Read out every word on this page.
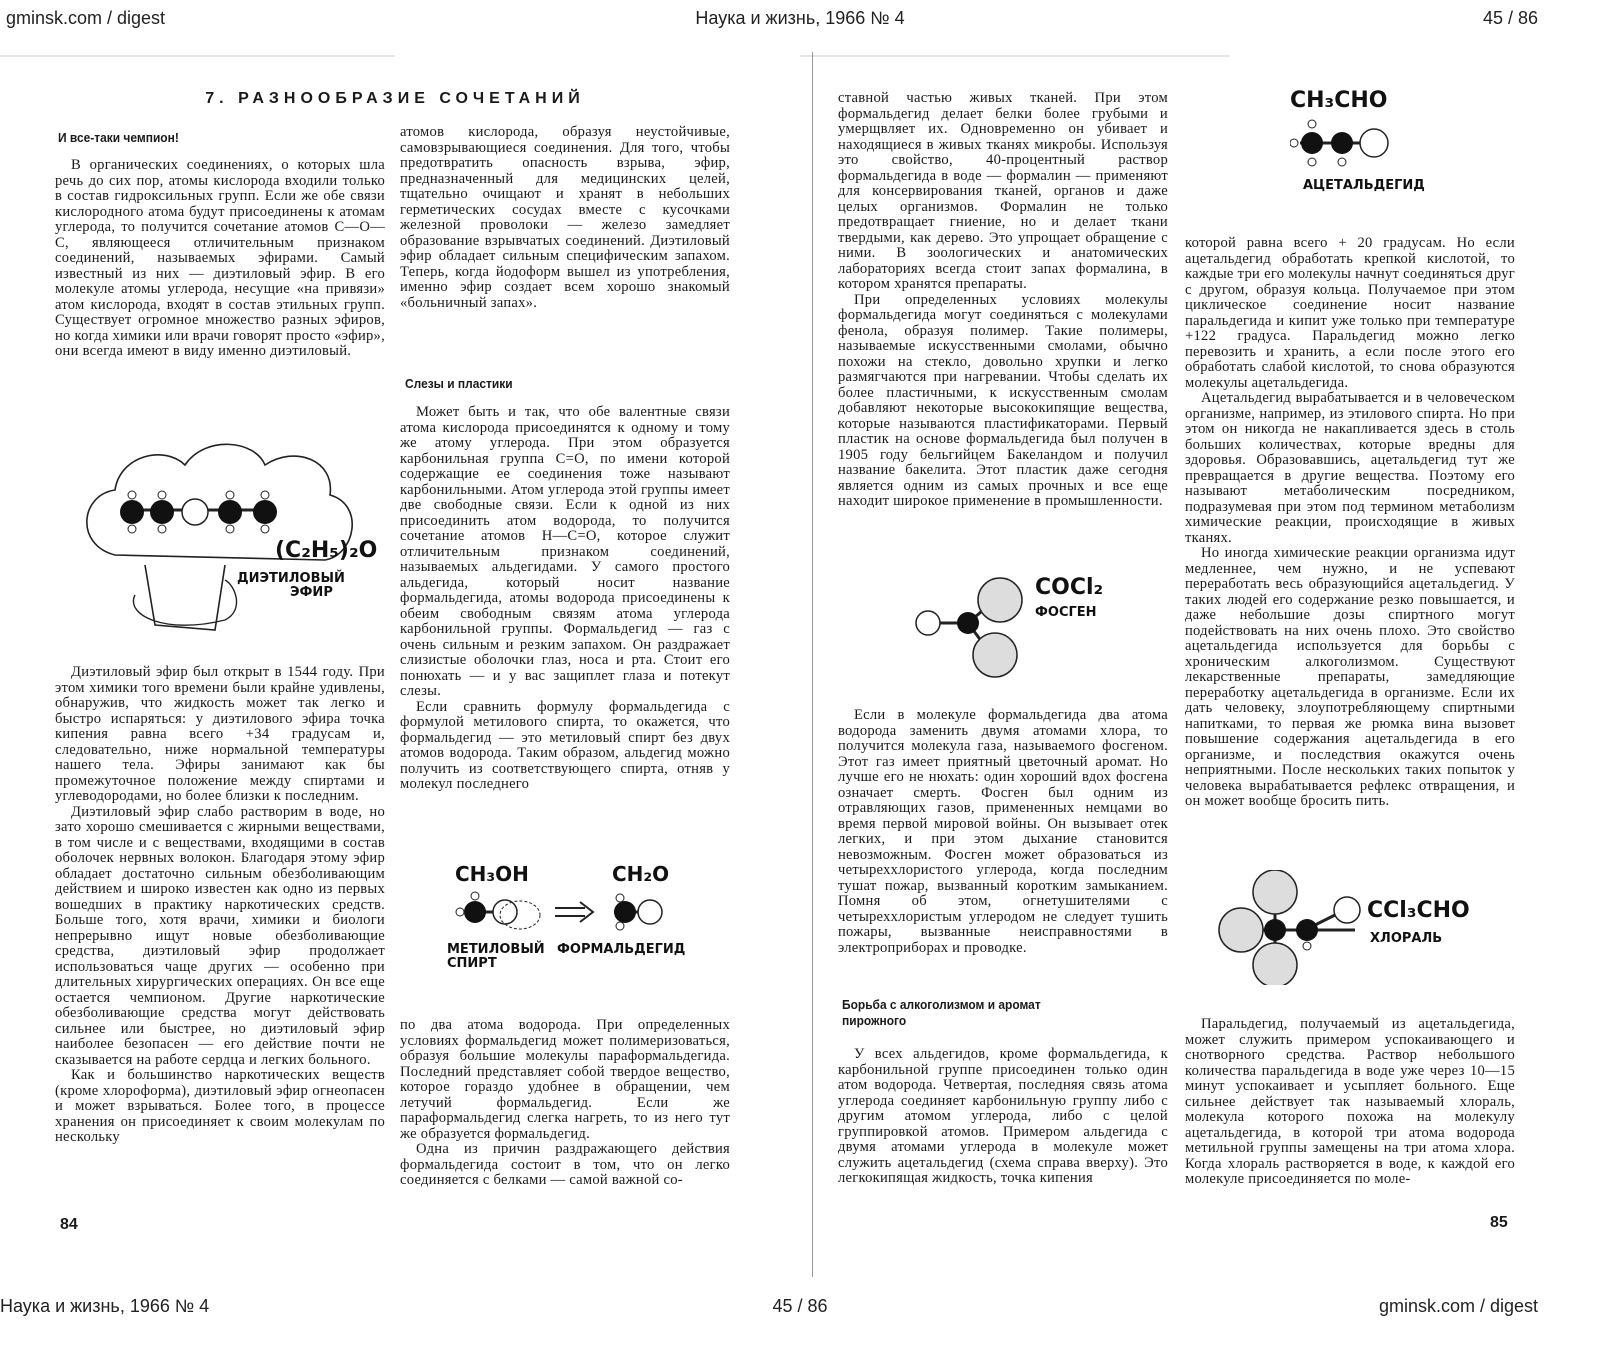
gminsk.com / digest	Наука и жизнь, 1966 № 4	45 / 86
7. РАЗНООБРАЗИЕ СОЧЕТАНИЙ
И все-таки чемпион!

В органических соединениях, о которых шла речь до сих пор, атомы кислорода входили только в состав гидроксильных групп. Если же обе связи кислородного атома будут присоединены к атомам углерода, то получится сочетание атомов С—О—С, являющееся отличительным признаком соединений, называемых эфирами. Самый известный из них — диэтиловый эфир. В его молекуле атомы углерода, несущие «на привязи» атом кислорода, входят в состав этильных групп. Существует огромное множество разных эфиров, но когда химики или врачи говорят просто «эфир», они всегда имеют в виду именно диэтиловый.

Диэтиловый эфир был открыт в 1544 году. При этом химики того времени были крайне удивлены, обнаружив, что жидкость может так легко и быстро испаряться: у диэтилового эфира точка кипения равна всего +34 градусам и, следовательно, ниже нормальной температуры нашего тела. Эфиры занимают как бы промежуточное положение между спиртами и углеводородами, но более близки к последним.

Диэтиловый эфир слабо растворим в воде, но зато хорошо смешивается с жирными веществами, в том числе и с веществами, входящими в состав оболочек нервных волокон. Благодаря этому эфир обладает достаточно сильным обезболивающим действием и широко известен как одно из первых вошедших в практику наркотических средств. Больше того, хотя врачи, химики и биологи непрерывно ищут новые обезболивающие средства, диэтиловый эфир продолжает использоваться чаще других — особенно при длительных хирургических операциях. Он все еще остается чемпионом. Другие наркотические обезболивающие средства могут действовать сильнее или быстрее, но диэтиловый эфир наиболее безопасен — его действие почти не сказывается на работе сердца и легких больного.

Как и большинство наркотических веществ (кроме хлороформа), диэтиловый эфир огнеопасен и может взрываться. Более того, в процессе хранения он присоединяет к своим молекулам по нескольку

84
(C₂H₅)₂O
ДИЭТИЛОВЫЙ
ЭФИР

атомов кислорода, образуя неустойчивые, самовзрывающиеся соединения. Для того, чтобы предотвратить опасность взрыва, эфир, предназначенный для медицинских целей, тщательно очищают и хранят в небольших герметических сосудах вместе с кусочками железной проволоки — железо замедляет образование взрывчатых соединений. Диэтиловый эфир обладает сильным специфическим запахом. Теперь, когда йодоформ вышел из употребления, именно эфир создает всем хорошо знакомый «больничный запах».

Слезы и пластики

Может быть и так, что обе валентные связи атома кислорода присоединятся к одному и тому же атому углерода. При этом образуется карбонильная группа С=О, по имени которой содержащие ее соединения тоже называют карбонильными. Атом углерода этой группы имеет две свободные связи. Если к одной из них присоединить атом водорода, то получится сочетание атомов Н—С=О, которое служит отличительным признаком соединений, называемых альдегидами. У самого простого альдегида, который носит название формальдегида, атомы водорода присоединены к обеим свободным связям атома углерода карбонильной группы. Формальдегид — газ с очень сильным и резким запахом. Он раздражает слизистые оболочки глаз, носа и рта. Стоит его понюхать — и у вас защиплет глаза и потекут слезы.

Если сравнить формулу формальдегида с формулой метилового спирта, то окажется, что формальдегид — это метиловый спирт без двух атомов водорода. Таким образом, альдегид можно получить из соответствующего спирта, отняв у молекул последнего

по два атома водорода. При определенных условиях формальдегид может полимеризоваться, образуя большие молекулы параформальдегида. Последний представляет собой твердое вещество, которое гораздо удобнее в обращении, чем летучий формальдегид. Если же параформальдегид слегка нагреть, то из него тут же образуется формальдегид.

Одна из причин раздражающего действия формальдегида состоит в том, что он легко соединяется с белками — самой важной со-

CH₃OH	CH₂O
МЕТИЛОВЫЙ
СПИРТ
ФОРМАЛЬДЕГИД

ставной частью живых тканей. При этом формальдегид делает белки более грубыми и умерщвляет их. Одновременно он убивает и находящиеся в живых тканях микробы. Используя это свойство, 40-процентный раствор формальдегида в воде — формалин — применяют для консервирования тканей, органов и даже целых организмов. Формалин не только предотвращает гниение, но и делает ткани твердыми, как дерево. Это упрощает обращение с ними. В зоологических и анатомических лабораториях всегда стоит запах формалина, в котором хранятся препараты.

При определенных условиях молекулы формальдегида могут соединяться с молекулами фенола, образуя полимер. Такие полимеры, называемые искусственными смолами, обычно похожи на стекло, довольно хрупки и легко размягчаются при нагревании. Чтобы сделать их более пластичными, к искусственным смолам добавляют некоторые высококипящие вещества, которые называются пластификаторами. Первый пластик на основе формальдегида был получен в 1905 году бельгийцем Бакеландом и получил название бакелита. Этот пластик даже сегодня является одним из самых прочных и все еще находит широкое применение в промышленности.

COCl₂
ФОСГЕН

Если в молекуле формальдегида два атома водорода заменить двумя атомами хлора, то получится молекула газа, называемого фосгеном. Этот газ имеет приятный цветочный аромат. Но лучше его не нюхать: один хороший вдох фосгена означает смерть. Фосген был одним из отравляющих газов, примененных немцами во время первой мировой войны. Он вызывает отек легких, и при этом дыхание становится невозможным. Фосген может образоваться из четыреххлористого углерода, когда последним тушат пожар, вызванный коротким замыканием. Помня об этом, огнетушителями с четыреххлористым углеродом не следует тушить пожары, вызванные неисправностями в электроприборах и проводке.

Борьба с алкоголизмом и аромат пирожного

У всех альдегидов, кроме формальдегида, к карбонильной группе присоединен только один атом водорода. Четвертая, последняя связь атома углерода соединяет карбонильную группу либо с другим атомом углерода, либо с целой группировкой атомов. Примером альдегида с двумя атомами углерода в молекуле может служить ацетальдегид (схема справа вверху). Это легкокипящая жидкость, точка кипения

CH₃CHO
АЦЕТАЛЬДЕГИД

которой равна всего + 20 градусам. Но если ацетальдегид обработать крепкой кислотой, то каждые три его молекулы начнут соединяться друг с другом, образуя кольца. Получаемое при этом циклическое соединение носит название паральдегида и кипит уже только при температуре +122 градуса. Паральдегид можно легко перевозить и хранить, а если после этого его обработать слабой кислотой, то снова образуются молекулы ацетальдегида.

Ацетальдегид вырабатывается и в человеческом организме, например, из этилового спирта. Но при этом он никогда не накапливается здесь в столь больших количествах, которые вредны для здоровья. Образовавшись, ацетальдегид тут же превращается в другие вещества. Поэтому его называют метаболическим посредником, подразумевая при этом под термином метаболизм химические реакции, происходящие в живых тканях.

Но иногда химические реакции организма идут медленнее, чем нужно, и не успевают переработать весь образующийся ацетальдегид. У таких людей его содержание резко повышается, и даже небольшие дозы спиртного могут подействовать на них очень плохо. Это свойство ацетальдегида используется для борьбы с хроническим алкоголизмом. Существуют лекарственные препараты, замедляющие переработку ацетальдегида в организме. Если их дать человеку, злоупотребляющему спиртными напитками, то первая же рюмка вина вызовет повышение содержания ацетальдегида в его организме, и последствия окажутся очень неприятными. После нескольких таких попыток у человека вырабатывается рефлекс отвращения, и он может вообще бросить пить.

CCl₃CHO
ХЛОРАЛЬ

Паральдегид, получаемый из ацетальдегида, может служить примером успокаивающего и снотворного средства. Раствор небольшого количества паральдегида в воде уже через 10—15 минут успокаивает и усыпляет больного. Еще сильнее действует так называемый хлораль, молекула которого похожа на молекулу ацетальдегида, в которой три атома водорода метильной группы замещены на три атома хлора. Когда хлораль растворяется в воде, к каждой его молекуле присоединяется по моле-

85
Наука и жизнь, 1966 № 4	45 / 86	gminsk.com / digest
